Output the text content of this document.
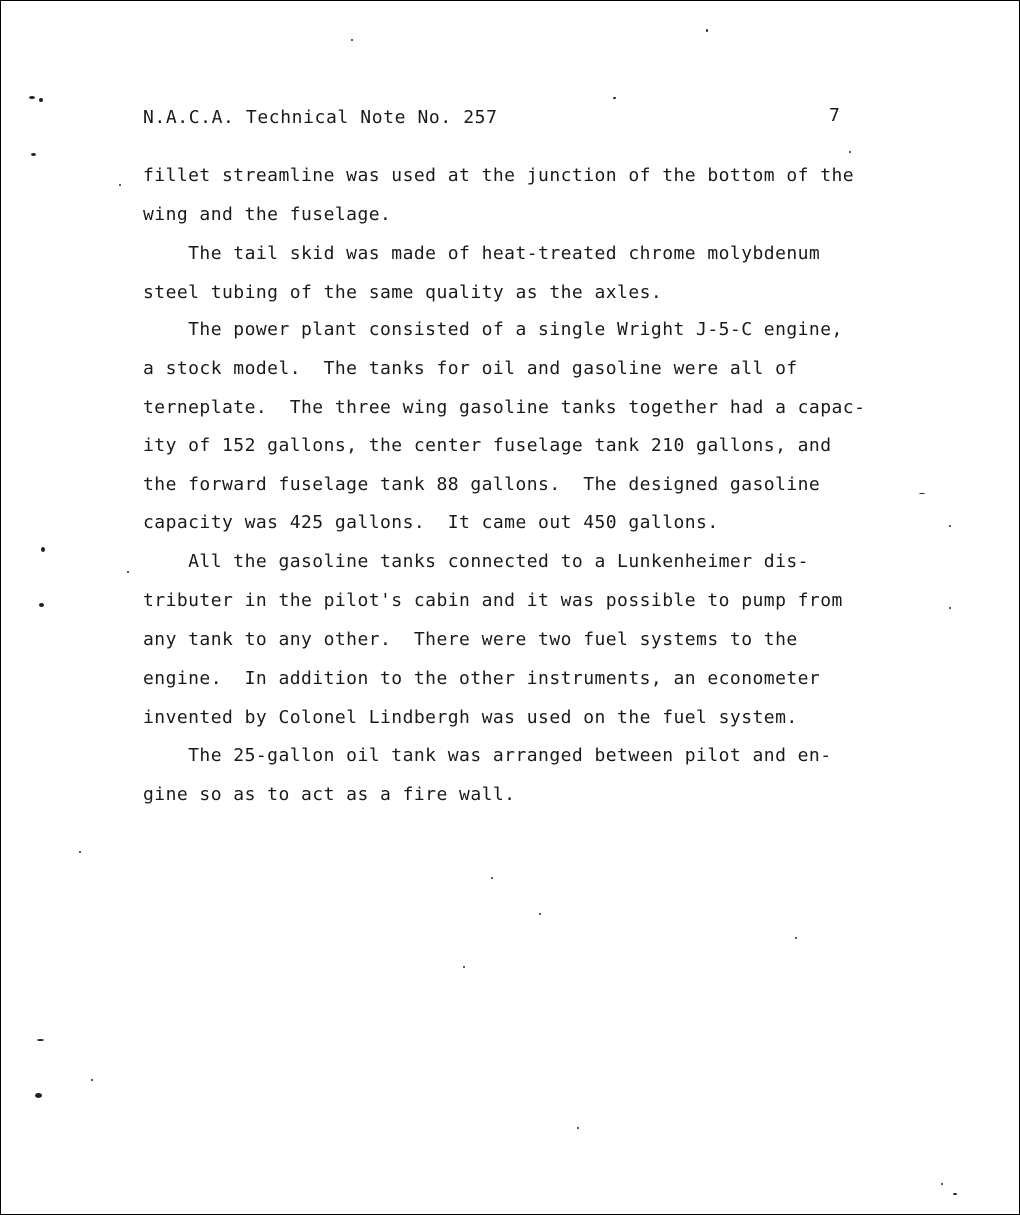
N.A.C.A. Technical Note No. 257	7
fillet streamline was used at the junction of the bottom of the
wing and the fuselage.
The tail skid was made of heat-treated chrome molybdenum
steel tubing of the same quality as the axles.
The power plant consisted of a single Wright J-5-C engine,
a stock model.  The tanks for oil and gasoline were all of
terneplate.  The three wing gasoline tanks together had a capac-
ity of 152 gallons, the center fuselage tank 210 gallons, and
the forward fuselage tank 88 gallons.  The designed gasoline
capacity was 425 gallons.  It came out 450 gallons.
All the gasoline tanks connected to a Lunkenheimer dis-
tributer in the pilot's cabin and it was possible to pump from
any tank to any other.  There were two fuel systems to the
engine.  In addition to the other instruments, an econometer
invented by Colonel Lindbergh was used on the fuel system.
The 25-gallon oil tank was arranged between pilot and en-
gine so as to act as a fire wall.
